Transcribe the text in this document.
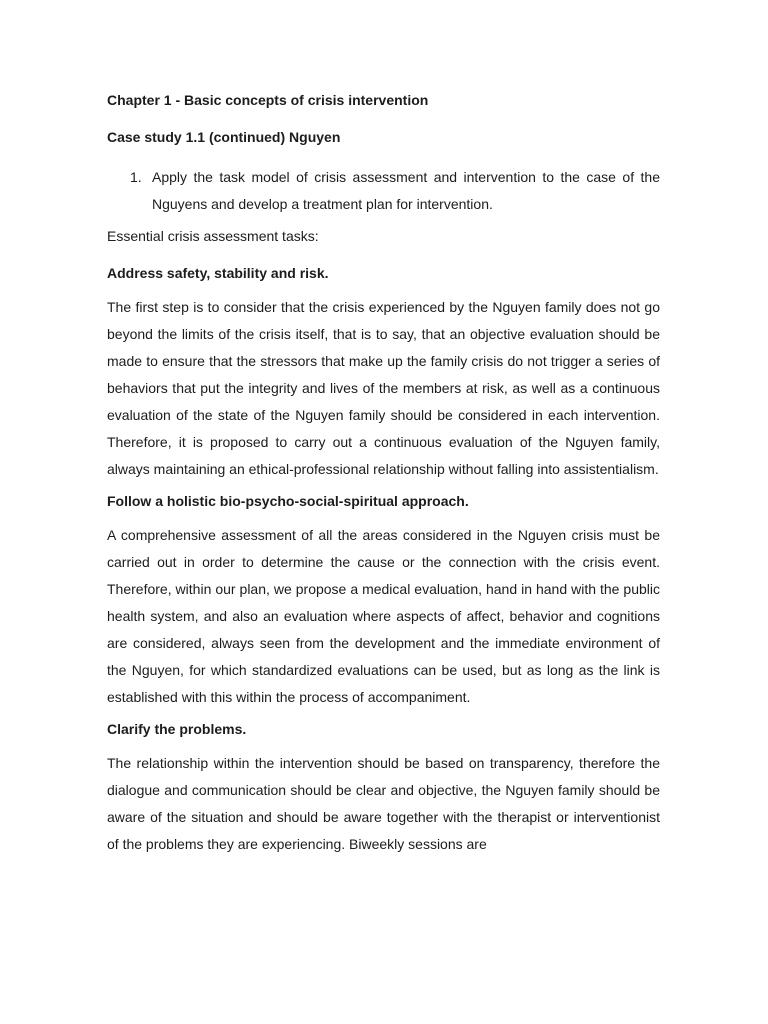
Chapter 1 - Basic concepts of crisis intervention

Case study 1.1 (continued) Nguyen

1. Apply the task model of crisis assessment and intervention to the case of the Nguyens and develop a treatment plan for intervention.

Essential crisis assessment tasks:

Address safety, stability and risk.

The first step is to consider that the crisis experienced by the Nguyen family does not go beyond the limits of the crisis itself, that is to say, that an objective evaluation should be made to ensure that the stressors that make up the family crisis do not trigger a series of behaviors that put the integrity and lives of the members at risk, as well as a continuous evaluation of the state of the Nguyen family should be considered in each intervention. Therefore, it is proposed to carry out a continuous evaluation of the Nguyen family, always maintaining an ethical-professional relationship without falling into assistentialism.

Follow a holistic bio-psycho-social-spiritual approach.

A comprehensive assessment of all the areas considered in the Nguyen crisis must be carried out in order to determine the cause or the connection with the crisis event. Therefore, within our plan, we propose a medical evaluation, hand in hand with the public health system, and also an evaluation where aspects of affect, behavior and cognitions are considered, always seen from the development and the immediate environment of the Nguyen, for which standardized evaluations can be used, but as long as the link is established with this within the process of accompaniment.

Clarify the problems.

The relationship within the intervention should be based on transparency, therefore the dialogue and communication should be clear and objective, the Nguyen family should be aware of the situation and should be aware together with the therapist or interventionist of the problems they are experiencing. Biweekly sessions are
